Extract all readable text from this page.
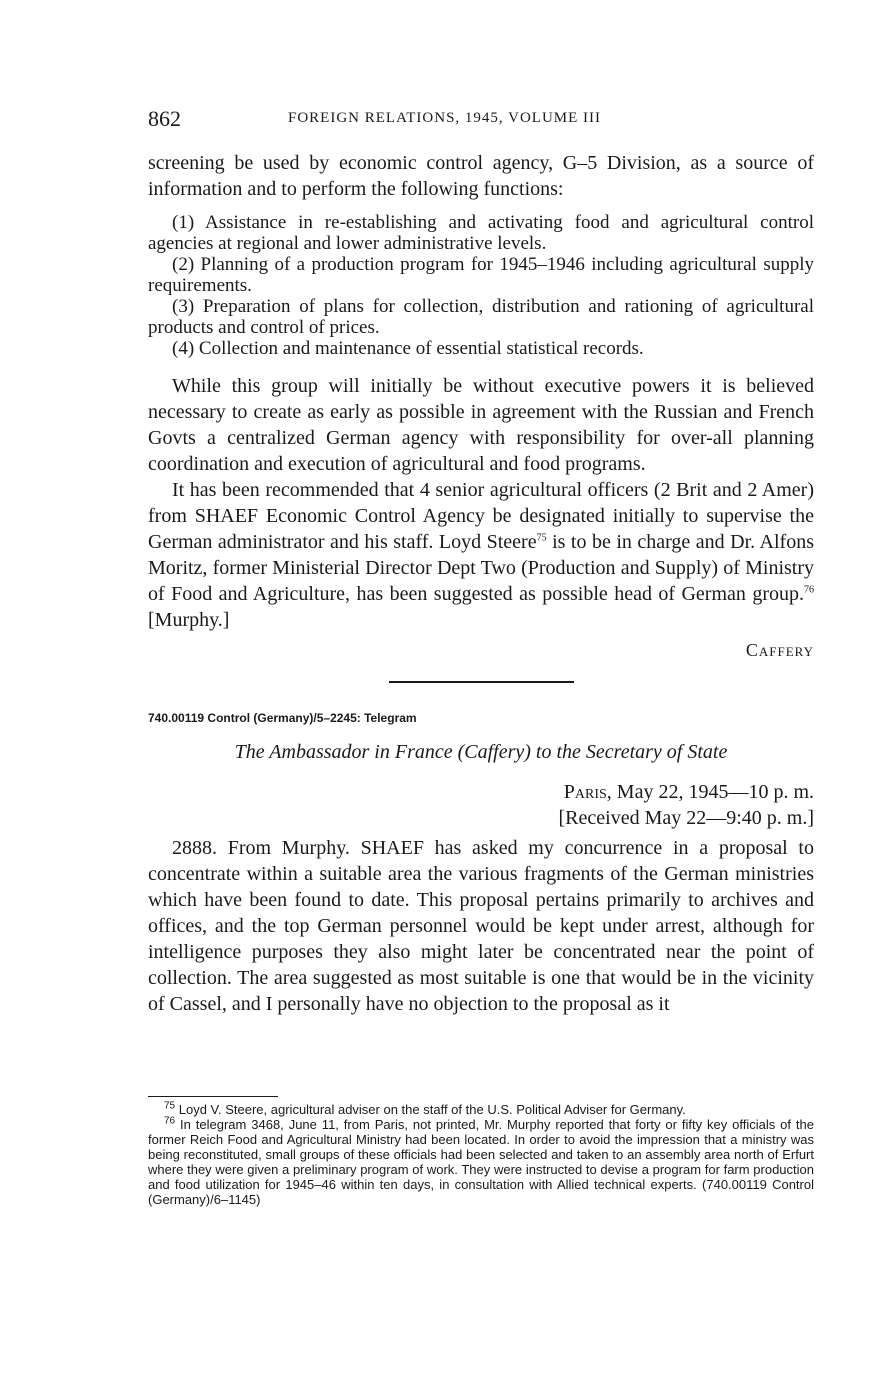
862	FOREIGN RELATIONS, 1945, VOLUME III

screening be used by economic control agency, G–5 Division, as a source of information and to perform the following functions:

(1) Assistance in re-establishing and activating food and agricultural control agencies at regional and lower administrative levels.

(2) Planning of a production program for 1945–1946 including agricultural supply requirements.

(3) Preparation of plans for collection, distribution and rationing of agricultural products and control of prices.

(4) Collection and maintenance of essential statistical records.

While this group will initially be without executive powers it is believed necessary to create as early as possible in agreement with the Russian and French Govts a centralized German agency with responsibility for over-all planning coordination and execution of agricultural and food programs.

It has been recommended that 4 senior agricultural officers (2 Brit and 2 Amer) from SHAEF Economic Control Agency be designated initially to supervise the German administrator and his staff. Loyd Steere$^{75}$ is to be in charge and Dr. Alfons Moritz, former Ministerial Director Dept Two (Production and Supply) of Ministry of Food and Agriculture, has been suggested as possible head of German group.$^{76}$ [Murphy.]

Caffery

740.00119 Control (Germany)/5–2245: Telegram

The Ambassador in France (Caffery) to the Secretary of State

Paris, May 22, 1945—10 p. m.
[Received May 22—9:40 p. m.]

2888. From Murphy. SHAEF has asked my concurrence in a proposal to concentrate within a suitable area the various fragments of the German ministries which have been found to date. This proposal pertains primarily to archives and offices, and the top German personnel would be kept under arrest, although for intelligence purposes they also might later be concentrated near the point of collection. The area suggested as most suitable is one that would be in the vicinity of Cassel, and I personally have no objection to the proposal as it

$^{75}$ Loyd V. Steere, agricultural adviser on the staff of the U.S. Political Adviser for Germany.

$^{76}$ In telegram 3468, June 11, from Paris, not printed, Mr. Murphy reported that forty or fifty key officials of the former Reich Food and Agricultural Ministry had been located. In order to avoid the impression that a ministry was being reconstituted, small groups of these officials had been selected and taken to an assembly area north of Erfurt where they were given a preliminary program of work. They were instructed to devise a program for farm production and food utilization for 1945–46 within ten days, in consultation with Allied technical experts. (740.00119 Control (Germany)/6–1145)
